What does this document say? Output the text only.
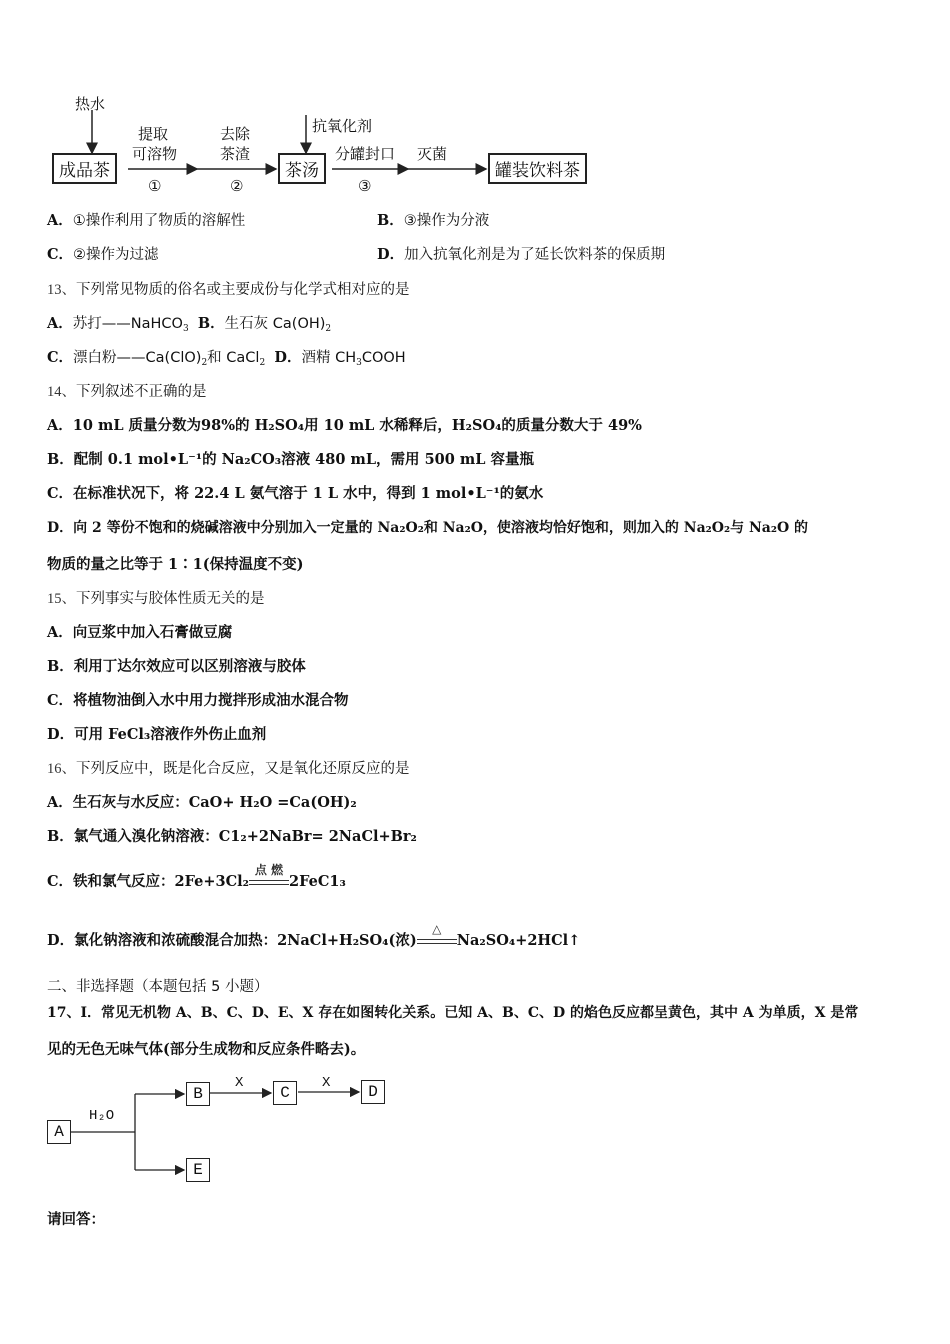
成品茶	茶汤	罐装饮料茶
热水
抗氧化剂
提取
可溶物
①
去除
茶渣
②
分罐封口
③
灭菌
A．①操作利用了物质的溶解性	B．③操作为分液
C．②操作为过滤	D．加入抗氧化剂是为了延长饮料茶的保质期
13、下列常见物质的俗名或主要成份与化学式相对应的是
A．苏打——NaHCO$_3$ B．生石灰 $Ca(OH)_2$
C．漂白粉$——Ca(ClO)_2$和 CaCl$_2$ D．酒精 $CH_3COOH$
14、下列叙述不正确的是
A．10 mL 质量分数为98%的 H₂SO₄用 10 mL 水稀释后，H₂SO₄的质量分数大于 49%
B．配制 0.1 mol•L⁻¹的 Na₂CO₃溶液 480 mL，需用 500 mL 容量瓶
C．在标准状况下，将 22.4 L 氨气溶于 1 L 水中，得到 1 mol•L⁻¹的氨水
D．向 2 等份不饱和的烧碱溶液中分别加入一定量的 Na₂O₂和 Na₂O，使溶液均恰好饱和，则加入的 Na₂O₂与 Na₂O 的
物质的量之比等于 1∶1(保持温度不变)
15、下列事实与胶体性质无关的是
A．向豆浆中加入石膏做豆腐
B．利用丁达尔效应可以区别溶液与胶体
C．将植物油倒入水中用力搅拌形成油水混合物
D．可用 FeCl₃溶液作外伤止血剂
16、下列反应中，既是化合反应，又是氧化还原反应的是
A．生石灰与水反应：CaO+ H₂O =Ca(OH)₂
B．氯气通入溴化钠溶液：C1₂+2NaBr= 2NaCl+Br₂
C．铁和氯气反应：2Fe+3Cl₂
点 燃
2FeC1₃
D．氯化钠溶液和浓硫酸混合加热：2NaCl+H₂SO₄(浓)
△
Na₂SO₄+2HCl↑
二、非选择题（本题包括 5 小题）
17、I．常见无机物 A、B、C、D、E、X 存在如图转化关系。已知 A、B、C、D 的焰色反应都呈黄色，其中 A 为单质，X 是常
见的无色无味气体(部分生成物和反应条件略去)。
A
B	C	D
E
H₂O
X	X
请回答：
